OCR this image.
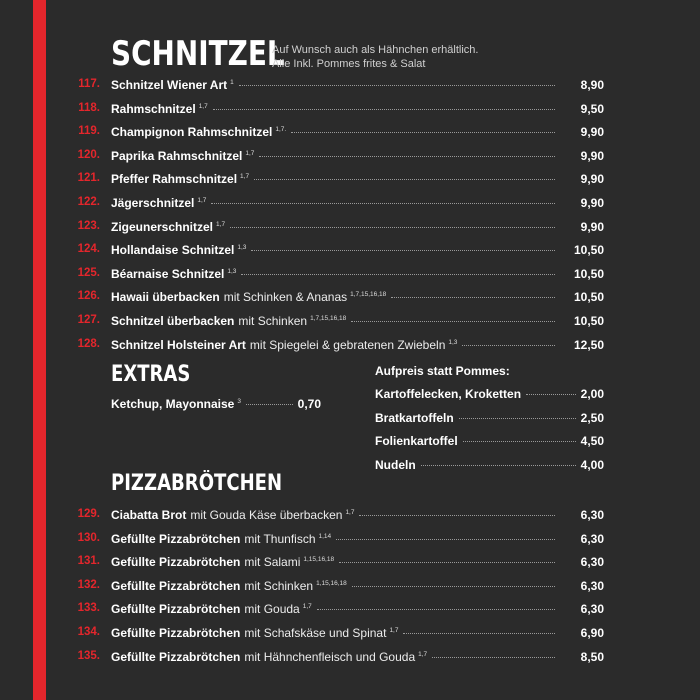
SCHNITZEL
Auf Wunsch auch als Hähnchen erhältlich.
Alle Inkl. Pommes frites & Salat
117. Schnitzel Wiener Art 1	8,90
118. Rahmschnitzel 1,7	9,50
119. Champignon Rahmschnitzel 1,7.	9,90
120. Paprika Rahmschnitzel 1,7	9,90
121. Pfeffer Rahmschnitzel 1,7	9,90
122. Jägerschnitzel 1,7	9,90
123. Zigeunerschnitzel 1,7	9,90
124. Hollandaise Schnitzel 1,3	10,50
125. Béarnaise Schnitzel 1,3	10,50
126. Hawaii überbacken mit Schinken & Ananas 1,7,15,16,18	10,50
127. Schnitzel überbacken mit Schinken 1,7,15,16,18	10,50
128. Schnitzel Holsteiner Art mit Spiegelei & gebratenen Zwiebeln 1,3	12,50
EXTRAS
Ketchup, Mayonnaise 3	0,70
Aufpreis statt Pommes:
Kartoffelecken, Kroketten	2,00
Bratkartoffeln	2,50
Folienkartoffel	4,50
Nudeln	4,00
PIZZABRÖTCHEN
129. Ciabatta Brot mit Gouda Käse überbacken 1,7	6,30
130. Gefüllte Pizzabrötchen mit Thunfisch 1,14	6,30
131. Gefüllte Pizzabrötchen mit Salami 1,15,16,18	6,30
132. Gefüllte Pizzabrötchen mit Schinken 1,15,16,18	6,30
133. Gefüllte Pizzabrötchen mit Gouda 1,7	6,30
134. Gefüllte Pizzabrötchen mit Schafskäse und Spinat 1,7	6,90
135. Gefüllte Pizzabrötchen mit Hähnchenfleisch und Gouda 1,7	8,50
